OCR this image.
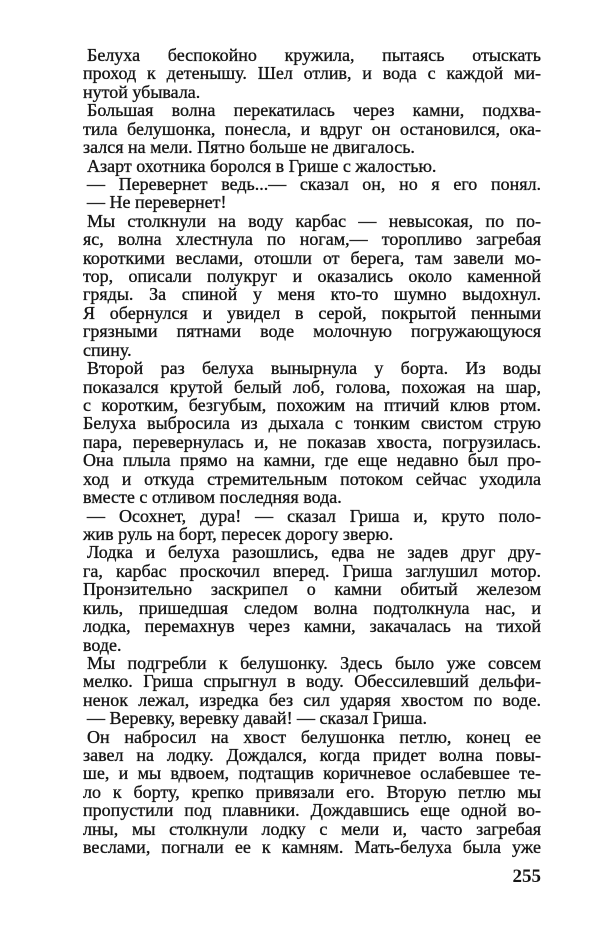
Белуха беспокойно кружила, пытаясь отыскать
проход к детенышу. Шел отлив, и вода с каждой ми-
нутой убывала.
Большая волна перекатилась через камни, подхва-
тила белушонка, понесла, и вдруг он остановился, ока-
зался на мели. Пятно больше не двигалось.
Азарт охотника боролся в Грише с жалостью.
— Перевернет ведь...— сказал он, но я его понял.
— Не перевернет!
Мы столкнули на воду карбас — невысокая, по по-
яс, волна хлестнула по ногам,— торопливо загребая
короткими веслами, отошли от берега, там завели мо-
тор, описали полукруг и оказались около каменной
гряды. За спиной у меня кто-то шумно выдохнул.
Я обернулся и увидел в серой, покрытой пенными
грязными пятнами воде молочную погружающуюся
спину.
Второй раз белуха вынырнула у борта. Из воды
показался крутой белый лоб, голова, похожая на шар,
с коротким, безгубым, похожим на птичий клюв ртом.
Белуха выбросила из дыхала с тонким свистом струю
пара, перевернулась и, не показав хвоста, погрузилась.
Она плыла прямо на камни, где еще недавно был про-
ход и откуда стремительным потоком сейчас уходила
вместе с отливом последняя вода.
— Осохнет, дура! — сказал Гриша и, круто поло-
жив руль на борт, пересек дорогу зверю.
Лодка и белуха разошлись, едва не задев друг дру-
га, карбас проскочил вперед. Гриша заглушил мотор.
Пронзительно заскрипел о камни обитый железом
киль, пришедшая следом волна подтолкнула нас, и
лодка, перемахнув через камни, закачалась на тихой
воде.
Мы подгребли к белушонку. Здесь было уже совсем
мелко. Гриша спрыгнул в воду. Обессилевший дельфи-
ненок лежал, изредка без сил ударяя хвостом по воде.
— Веревку, веревку давай! — сказал Гриша.
Он набросил на хвост белушонка петлю, конец ее
завел на лодку. Дождался, когда придет волна повы-
ше, и мы вдвоем, подтащив коричневое ослабевшее те-
ло к борту, крепко привязали его. Вторую петлю мы
пропустили под плавники. Дождавшись еще одной во-
лны, мы столкнули лодку с мели и, часто загребая
веслами, погнали ее к камням. Мать-белуха была уже
255
